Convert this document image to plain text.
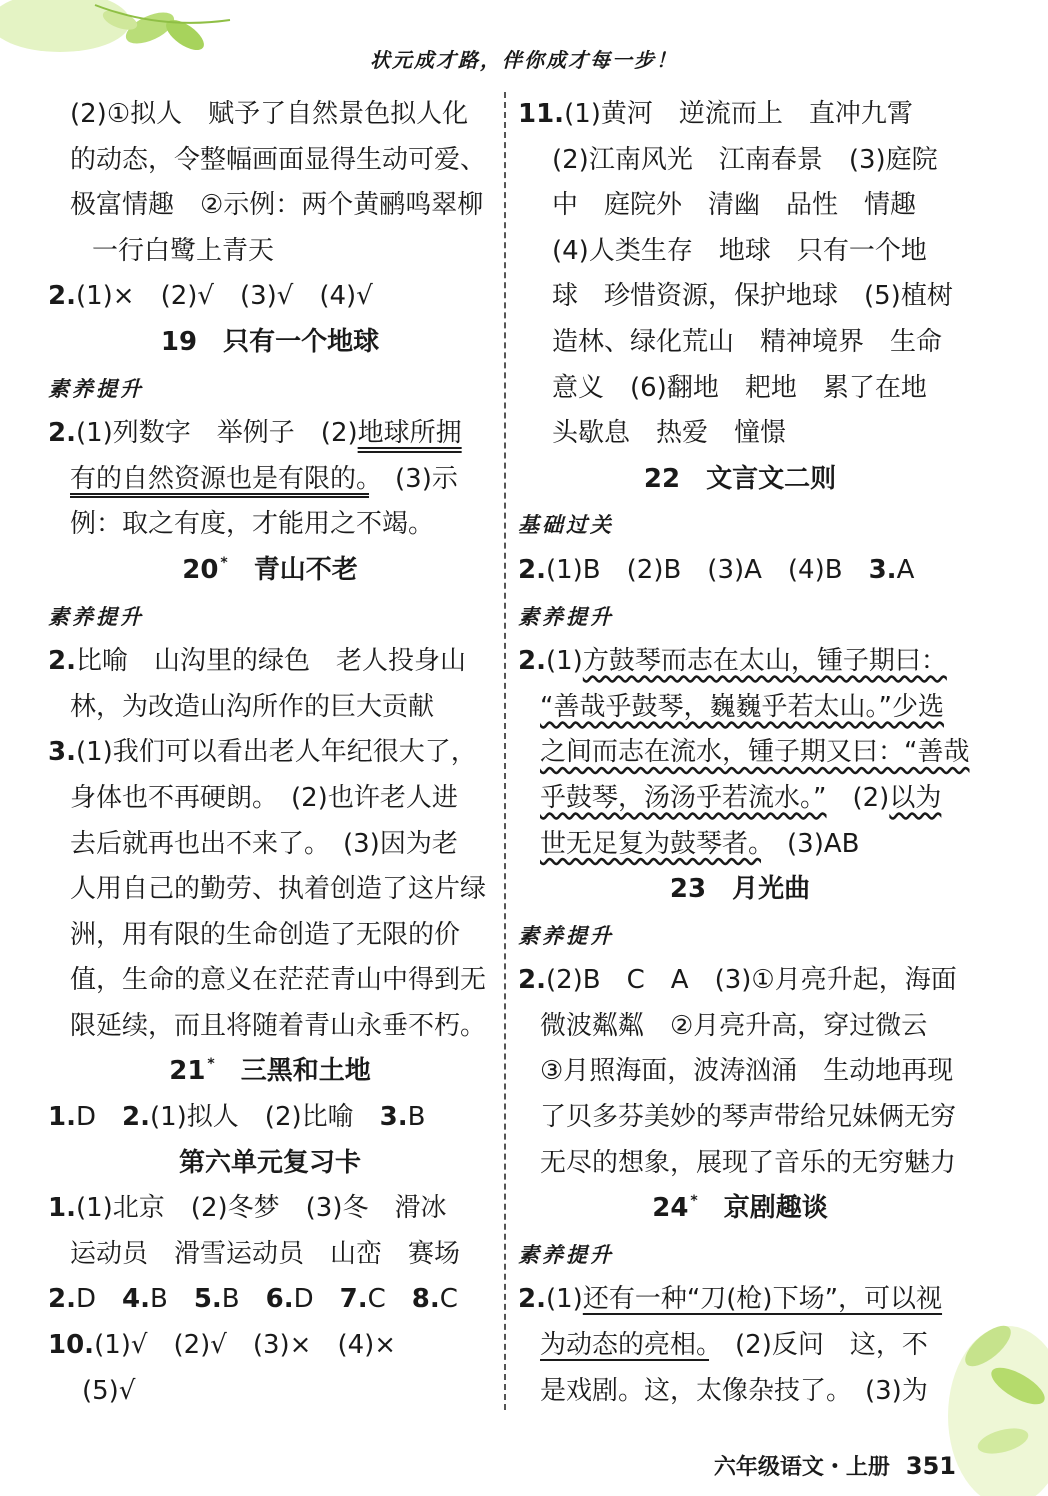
状元成才路，伴你成才每一步！
(2)①拟人　赋予了自然景色拟人化
的动态，令整幅画面显得生动可爱、
极富情趣　②示例：两个黄鹂鸣翠柳
一行白鹭上青天
2.(1)×　(2)√　(3)√　(4)√
19 只有一个地球
素养提升
2.(1)列数字　举例子　(2)地球所拥
有的自然资源也是有限的。　(3)示
例：取之有度，才能用之不竭。
20 * 青山不老
素养提升
2.比喻　山沟里的绿色　老人投身山
林，为改造山沟所作的巨大贡献
3.(1)我们可以看出老人年纪很大了，
身体也不再硬朗。　(2)也许老人进
去后就再也出不来了。　(3)因为老
人用自己的勤劳、执着创造了这片绿
洲，用有限的生命创造了无限的价
值，生命的意义在茫茫青山中得到无
限延续，而且将随着青山永垂不朽。
21 * 三黑和土地
1.D　2.(1)拟人　(2)比喻　3.B
第六单元复习卡
1.(1)北京　(2)冬梦　(3)冬　滑冰
运动员　滑雪运动员　山峦　赛场
2.D　4.B　5.B　6.D　7.C　8.C
10.(1)√　(2)√　(3)×　(4)×
(5)√
11.(1)黄河　逆流而上　直冲九霄
(2)江南风光　江南春景　(3)庭院
中　庭院外　清幽　品性　情趣
(4)人类生存　地球　只有一个地
球　珍惜资源，保护地球　(5)植树
造林、绿化荒山　精神境界　生命
意义　(6)翻地　耙地　累了在地
头歇息　热爱　憧憬
22 文言文二则
基础过关
2.(1)B　(2)B　(3)A　(4)B　3.A
素养提升
2.(1)方鼓琴而志在太山，锺子期曰：
“善哉乎鼓琴，巍巍乎若太山。”少选
之间而志在流水，锺子期又曰：“善哉
乎鼓琴，汤汤乎若流水。”　(2)以为
世无足复为鼓琴者。　(3)AB
23 月光曲
素养提升
2.(2)B　C　A　(3)①月亮升起，海面
微波粼粼　②月亮升高，穿过微云
③月照海面，波涛汹涌　生动地再现
了贝多芬美妙的琴声带给兄妹俩无穷
无尽的想象，展现了音乐的无穷魅力
24 * 京剧趣谈
素养提升
2.(1)还有一种“刀(枪)下场”，可以视
为动态的亮相。　(2)反问　这，不
是戏剧。这，太像杂技了。　(3)为
六年级语文・上册 351
